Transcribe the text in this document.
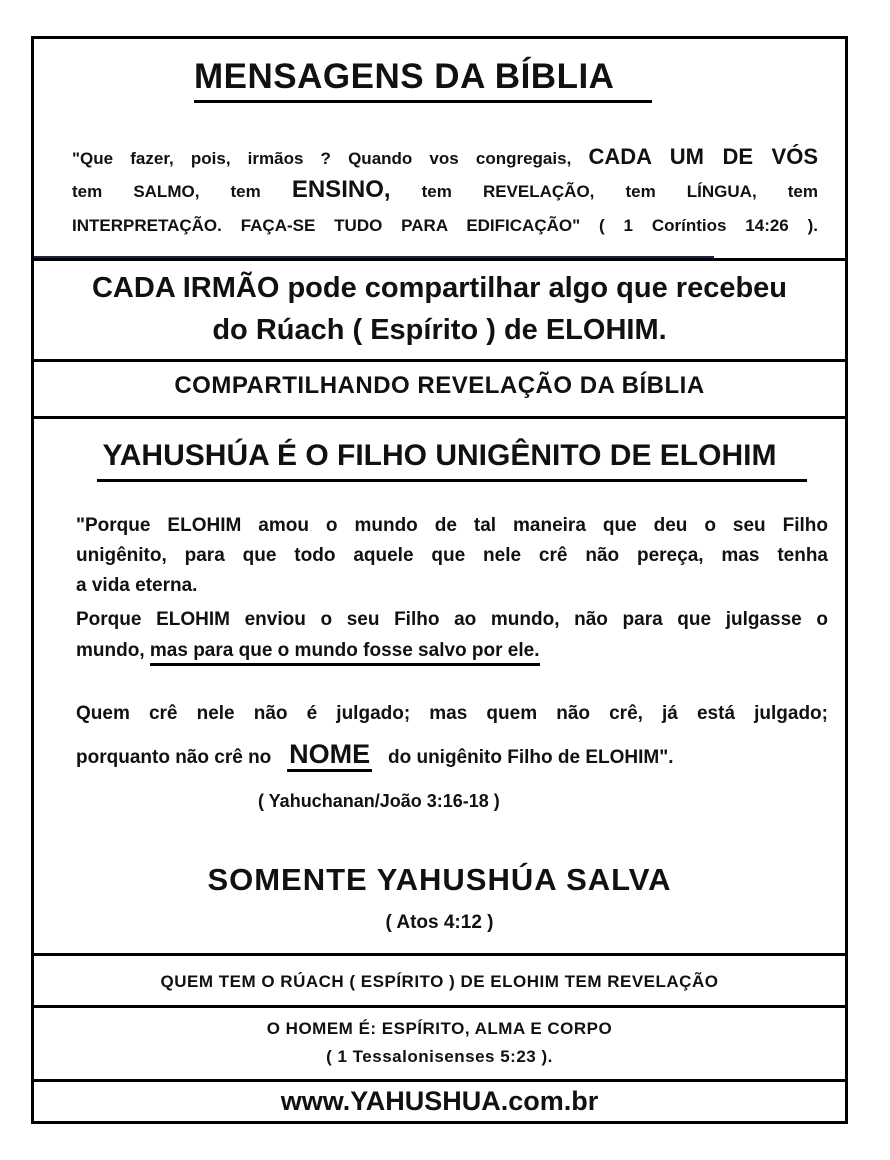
MENSAGENS DA BÍBLIA
"Que fazer, pois, irmãos ? Quando vos congregais, CADA UM DE VÓS
tem SALMO, tem ENSINO, tem REVELAÇÃO, tem LÍNGUA, tem
INTERPRETAÇÃO. FAÇA-SE TUDO PARA EDIFICAÇÃO" ( 1 Coríntios 14:26 ).
CADA IRMÃO pode compartilhar algo que recebeu
do Rúach ( Espírito ) de ELOHIM.
COMPARTILHANDO REVELAÇÃO DA BÍBLIA
YAHUSHÚA É O FILHO UNIGÊNITO DE ELOHIM
"Porque ELOHIM amou o mundo de tal maneira que deu o seu Filho
unigênito, para que todo aquele que nele crê não pereça, mas tenha
a vida eterna.
Porque ELOHIM enviou o seu Filho ao mundo, não para que julgasse o
mundo, mas para que o mundo fosse salvo por ele.
Quem crê nele não é julgado; mas quem não crê, já está julgado;
porquanto não crê no NOME do unigênito Filho de ELOHIM".
( Yahuchanan/João 3:16-18 )
SOMENTE YAHUSHÚA SALVA
( Atos 4:12 )
QUEM TEM O RÚACH ( ESPÍRITO ) DE ELOHIM TEM REVELAÇÃO
O HOMEM É: ESPÍRITO, ALMA E CORPO
( 1 Tessalonisenses 5:23 ).
www.YAHUSHUA.com.br
